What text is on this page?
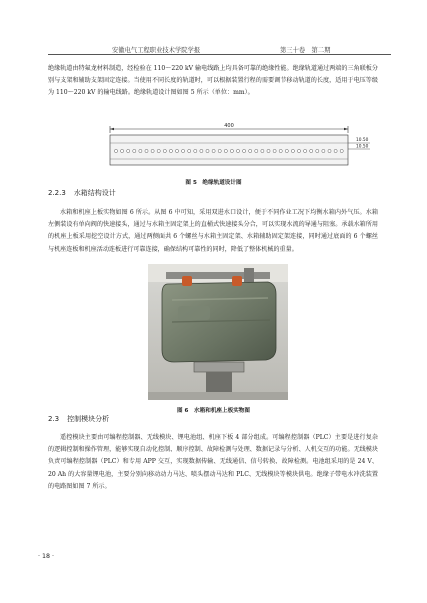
安徽电气工程职业技术学院学报	第三十卷　第二期
绝缘轨道由特氟龙材料制造，经检验在 110～220 kV 输电线路上均具备可靠的绝缘性能。绝缘轨道通过两端的三角联板分别与支架和辅助支架固定连接。当使用不同长度的轨道时，可以根据装置行程的需要调节移动轨道的长度，适用于电压等级为 110～220 kV 的输电线路。绝缘轨道设计图如图 5 所示（单位：mm）。
400
10.50
10.50
图 5　绝缘轨道设计图
2.2.3 水箱结构设计
水箱和机座上板实物如图 6 所示。从图 6 中可知，采用双进水口设计，便于不同作业工况下均衡水箱内外气压。水箱左侧装设有单向阀的快速接头，通过与水箱主固定架上的直桶式快速接头分合，可以实现水流的导通与阻塞。承载水箱所用的机座上板采用挖空设计方式，通过两侧面共 6 个螺丝与水箱主固定架、水箱辅助固定架连接，同时通过底面的 6 个螺丝与机座连板和机座活动连板进行可靠连接，确保结构可靠性的同时，降低了整体机械的重量。
图 6　水箱和机座上板实物图
2.3 控制模块分析
遥控模块主要由可编程控制器、无线模块、锂电池组、机座下板 4 部分组成。可编程控制器（PLC）主要是进行复杂的逻辑控制和操作管理，能够实现自动化控制、顺序控制、故障检测与处理、数据记录与分析、人机交互的功能。无线模块负责可编程控制器（PLC）和专用 APP 交互，实现数据传输、无线通信、信号转换、故障检测。电池组采用的是 24 V、20 Ah 的大容量锂电池，主要分别向移动动力马达、喷头摆动马达和 PLC、无线模块等模块供电。绝缘子带电水冲洗装置的电路图如图 7 所示。
· 18 ·
